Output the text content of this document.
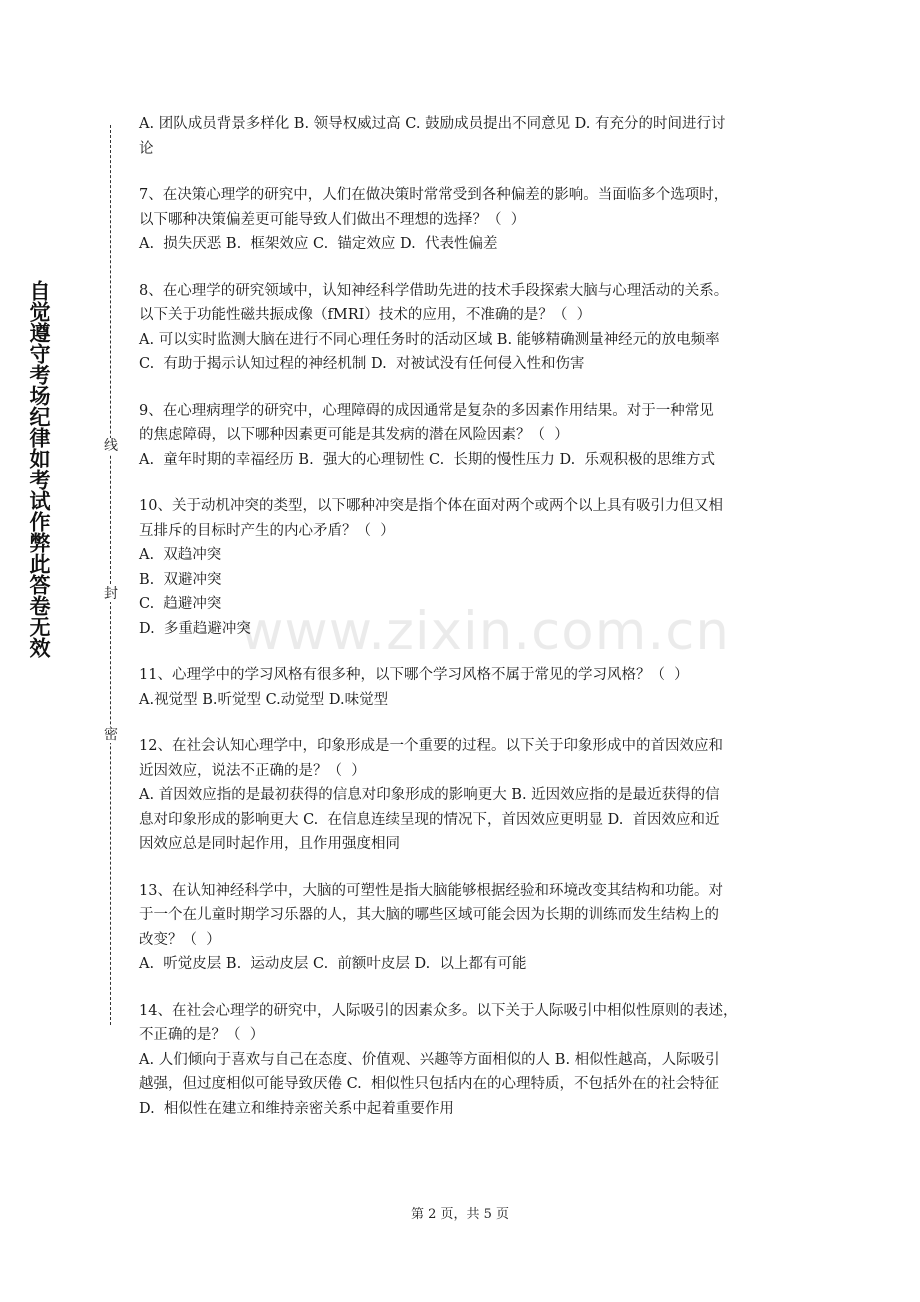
自觉遵守考场纪律如考试作弊此答卷无效	线
封
密
A. 团队成员背景多样化 B. 领导权威过高 C. 鼓励成员提出不同意见 D. 有充分的时间进行讨
论
7、在决策心理学的研究中，人们在做决策时常常受到各种偏差的影响。当面临多个选项时，
以下哪种决策偏差更可能导致人们做出不理想的选择？（  ）
A.  损失厌恶 B.  框架效应 C.  锚定效应 D.  代表性偏差
8、在心理学的研究领域中，认知神经科学借助先进的技术手段探索大脑与心理活动的关系。
以下关于功能性磁共振成像（fMRI）技术的应用，不准确的是？（  ）
A. 可以实时监测大脑在进行不同心理任务时的活动区域 B. 能够精确测量神经元的放电频率
C.  有助于揭示认知过程的神经机制 D.  对被试没有任何侵入性和伤害
9、在心理病理学的研究中，心理障碍的成因通常是复杂的多因素作用结果。对于一种常见
的焦虑障碍，以下哪种因素更可能是其发病的潜在风险因素？（  ）
A.  童年时期的幸福经历 B.  强大的心理韧性 C.  长期的慢性压力 D.  乐观积极的思维方式
10、关于动机冲突的类型，以下哪种冲突是指个体在面对两个或两个以上具有吸引力但又相
互排斥的目标时产生的内心矛盾？（  ）
A.  双趋冲突
B.  双避冲突
C.  趋避冲突
D.  多重趋避冲突
11、心理学中的学习风格有很多种，以下哪个学习风格不属于常见的学习风格？（  ）
A.视觉型 B.听觉型 C.动觉型 D.味觉型
12、在社会认知心理学中，印象形成是一个重要的过程。以下关于印象形成中的首因效应和
近因效应，说法不正确的是？（  ）
A. 首因效应指的是最初获得的信息对印象形成的影响更大 B. 近因效应指的是最近获得的信
息对印象形成的影响更大 C.  在信息连续呈现的情况下，首因效应更明显 D.  首因效应和近
因效应总是同时起作用，且作用强度相同
13、在认知神经科学中，大脑的可塑性是指大脑能够根据经验和环境改变其结构和功能。对
于一个在儿童时期学习乐器的人，其大脑的哪些区域可能会因为长期的训练而发生结构上的
改变？（  ）
A.  听觉皮层 B.  运动皮层 C.  前额叶皮层 D.  以上都有可能
14、在社会心理学的研究中，人际吸引的因素众多。以下关于人际吸引中相似性原则的表述，
不正确的是？（  ）
A. 人们倾向于喜欢与自己在态度、价值观、兴趣等方面相似的人 B. 相似性越高，人际吸引
越强，但过度相似可能导致厌倦 C.  相似性只包括内在的心理特质，不包括外在的社会特征
D.  相似性在建立和维持亲密关系中起着重要作用
www.zixin.com.cn
第 2 页，共 5 页
